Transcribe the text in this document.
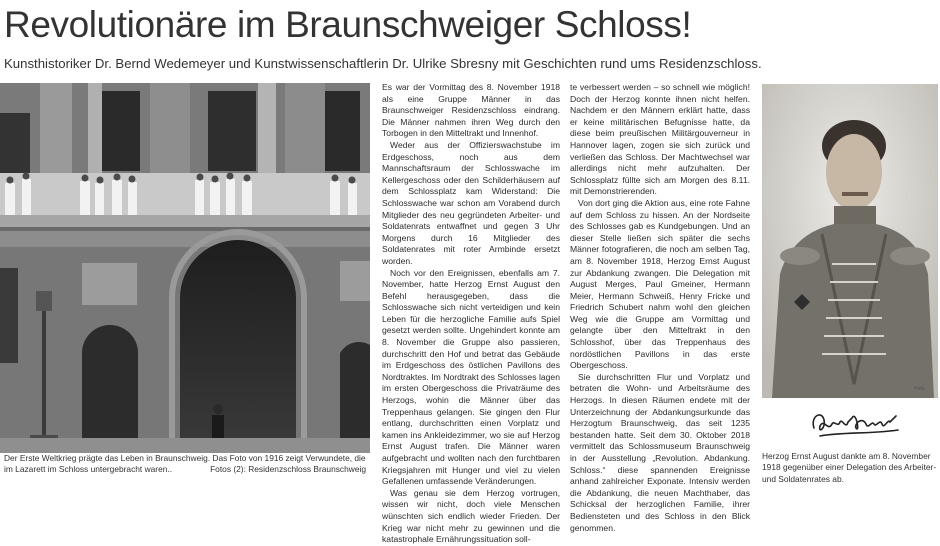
Revolutionäre im Braunschweiger Schloss!

Kunsthistoriker Dr. Bernd Wedemeyer und Kunstwissenschaftlerin Dr. Ulrike Sbresny mit Geschichten rund ums Residenzschloss.

Der Erste Weltkrieg prägte das Leben in Braunschweig. Das Foto von 1916 zeigt Verwundete, die im Lazarett im Schloss untergebracht waren..	Fotos (2): Residenzschloss Braunschweig

Es war der Vormittag des 8. November 1918 als eine Gruppe Männer in das Braunschweiger Residenzschloss eindrang. Die Männer nahmen ihren Weg durch den Torbogen in den Mitteltrakt und Innenhof.

Weder aus der Offizierswachstube im Erdgeschoss, noch aus dem Mannschaftsraum der Schlosswache im Kellergeschoss oder den Schilderhäusern auf dem Schlossplatz kam Widerstand: Die Schlosswache war schon am Vorabend durch Mitglieder des neu gegründeten Arbeiter- und Soldatenrats entwaffnet und gegen 3 Uhr Morgens durch 16 Mitglieder des Soldatenrates mit roter Armbinde ersetzt worden.

Noch vor den Ereignissen, ebenfalls am 7. November, hatte Herzog Ernst August den Befehl herausgegeben, dass die Schlosswache sich nicht verteidigen und kein Leben für die herzogliche Familie aufs Spiel gesetzt werden sollte. Ungehindert konnte am 8. November die Gruppe also passieren, durchschritt den Hof und betrat das Gebäude im Erdgeschoss des östlichen Pavillons des Nordtraktes. Im Nordtrakt des Schlosses lagen im ersten Obergeschoss die Privaträume des Herzogs, wohin die Männer über das Treppenhaus gelangen. Sie gingen den Flur entlang, durchschritten einen Vorplatz und kamen ins Ankleidezimmer, wo sie auf Herzog Ernst August trafen. Die Männer waren aufgebracht und wollten nach den furchtbaren Kriegsjahren mit Hunger und viel zu vielen Gefallenen umfassende Veränderungen.

Was genau sie dem Herzog vortrugen, wissen wir nicht, doch viele Menschen wünschten sich endlich wieder Frieden. Der Krieg war nicht mehr zu gewinnen und die katastrophale Ernährungssituation soll-

te verbessert werden – so schnell wie möglich! Doch der Herzog konnte ihnen nicht helfen. Nachdem er den Männern erklärt hatte, dass er keine militärischen Befugnisse hatte, da diese beim preußischen Militärgouverneur in Hannover lagen, zogen sie sich zurück und verließen das Schloss. Der Machtwechsel war allerdings nicht mehr aufzuhalten. Der Schlossplatz füllte sich am Morgen des 8.11. mit Demonstrierenden.

Von dort ging die Aktion aus, eine rote Fahne auf dem Schloss zu hissen. An der Nordseite des Schlosses gab es Kundgebungen. Und an dieser Stelle ließen sich später die sechs Männer fotografieren, die noch am selben Tag, am 8. November 1918, Herzog Ernst August zur Abdankung zwangen. Die Delegation mit August Merges, Paul Gmeiner, Hermann Meier, Hermann Schweiß, Henry Fricke und Friedrich Schubert nahm wohl den gleichen Weg wie die Gruppe am Vormittag und gelangte über den Mitteltrakt in den Schlosshof, über das Treppenhaus des nordöstlichen Pavillons in das erste Obergeschoss.

Sie durchschritten Flur und Vorplatz und betraten die Wohn- und Arbeitsräume des Herzogs. In diesen Räumen endete mit der Unterzeichnung der Abdankungsurkunde das Herzogtum Braunschweig, das seit 1235 bestanden hatte. Seit dem 30. Oktober 2018 vermittelt das Schlossmuseum Braunschweig in der Ausstellung „Revolution. Abdankung. Schloss.“ diese spannenden Ereignisse anhand zahlreicher Exponate. Intensiv werden die Abdankung, die neuen Machthaber, das Schicksal der herzoglichen Familie, ihrer Bediensteten und des Schloss in den Blick genommen.

Hofe.
Herzog Ernst August dankte am 8. November 1918 gegenüber einer Delegation des Arbeiter- und Soldatenrates ab.
